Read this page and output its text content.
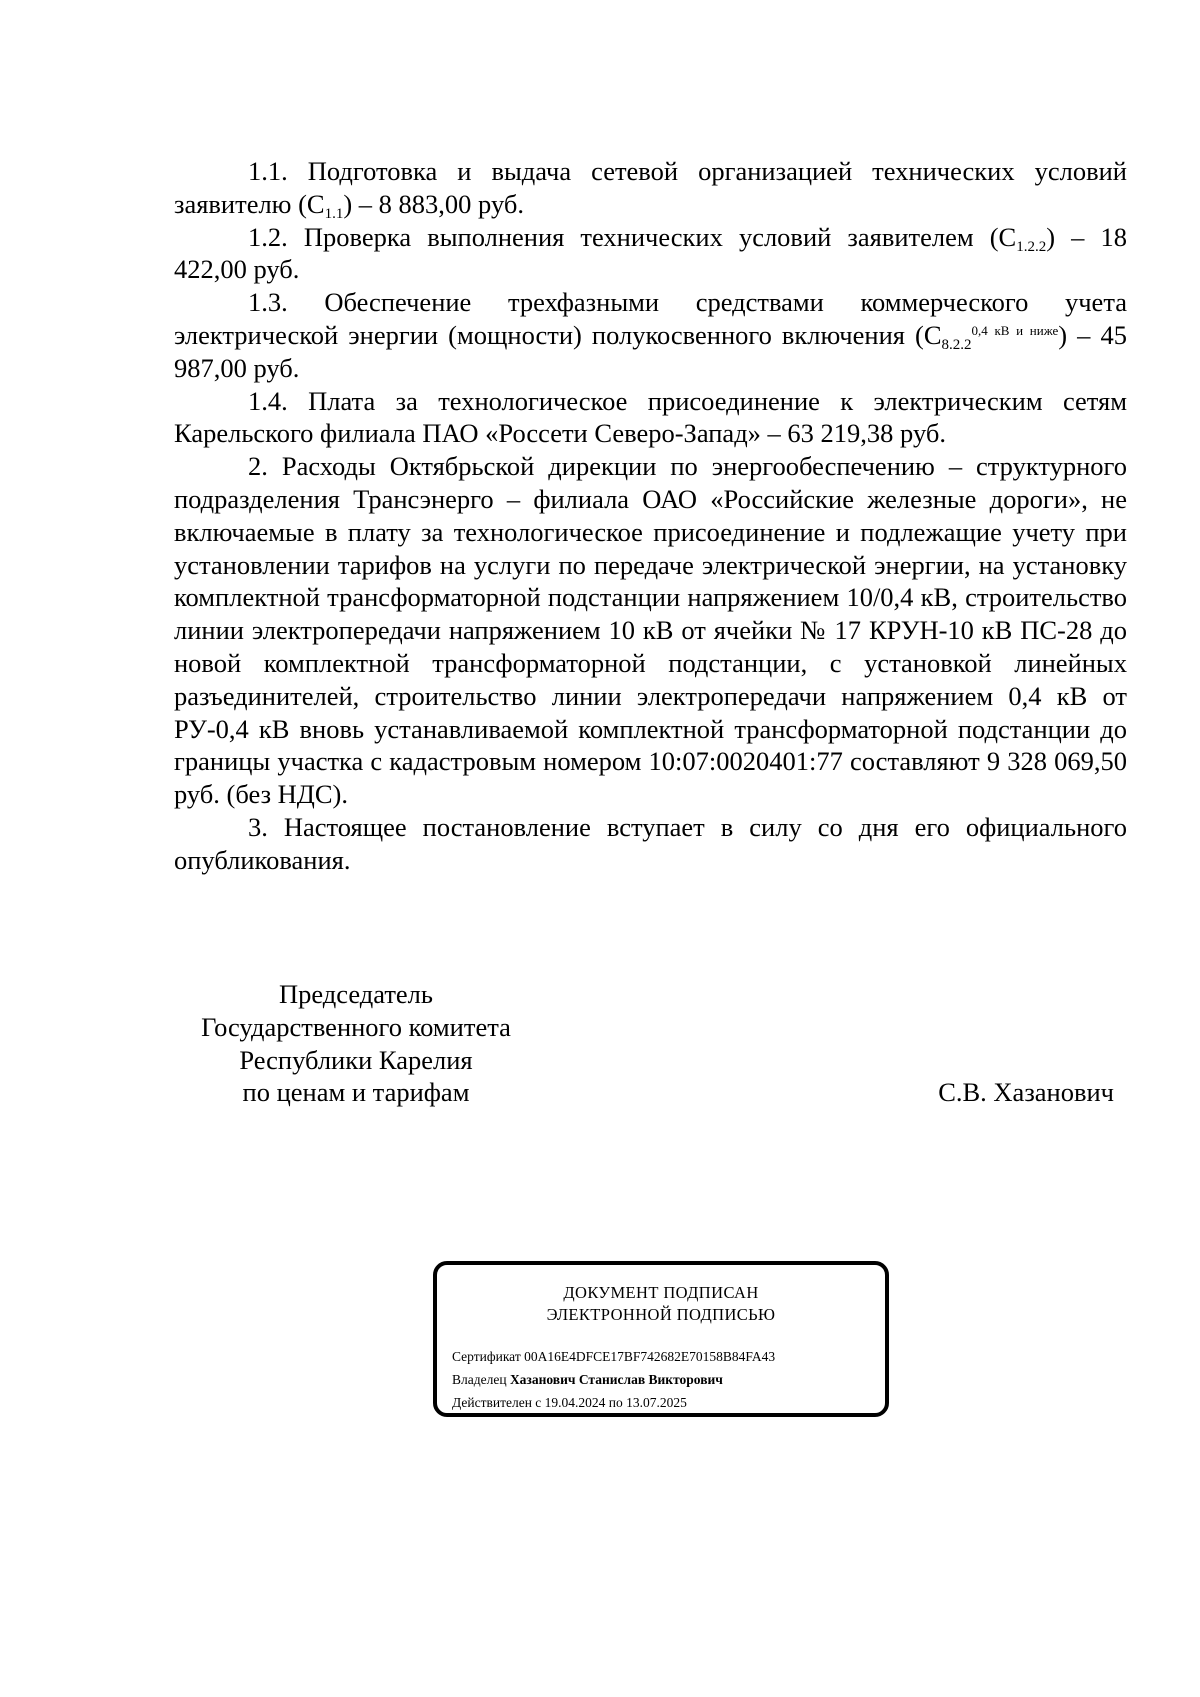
1.1. Подготовка и выдача сетевой организацией технических условий заявителю $(С_{1.1}) - 8$ 883,00 руб.

1.2. Проверка выполнения технических условий заявителем $(С_{1.2.2}) - 18$ 422,00 руб.

1.3. Обеспечение трехфазными средствами коммерческого учета электрической энергии (мощности) полукосвенного включения $(С_{8.2.2}^{0,4 кВ и ниже}) - 45$ 987,00 руб.

1.4. Плата за технологическое присоединение к электрическим сетям Карельского филиала ПАО «Россети Северо-Запад» – 63 219,38 руб.

2. Расходы Октябрьской дирекции по энергообеспечению – структурного подразделения Трансэнерго – филиала ОАО «Российские железные дороги», не включаемые в плату за технологическое присоединение и подлежащие учету при установлении тарифов на услуги по передаче электрической энергии, на установку комплектной трансформаторной подстанции напряжением 10/0,4 кВ, строительство линии электропередачи напряжением 10 кВ от ячейки № 17 КРУН-10 кВ ПС-28 до новой комплектной трансформаторной подстанции, с установкой линейных разъединителей, строительство линии электропередачи напряжением 0,4 кВ от РУ-0,4 кВ вновь устанавливаемой комплектной трансформаторной подстанции до границы участка с кадастровым номером 10:07:0020401:77 составляют 9 328 069,50 руб. (без НДС).

3. Настоящее постановление вступает в силу со дня его официального опубликования.

Председатель
Государственного комитета
Республики Карелия
по ценам и тарифам	С.В. Хазанович
ДОКУМЕНТ ПОДПИСАН
ЭЛЕКТРОННОЙ ПОДПИСЬЮ
Сертификат 00A16E4DFCE17BF742682E70158B84FA43
Владелец Хазанович Станислав Викторович
Действителен с 19.04.2024 по 13.07.2025
